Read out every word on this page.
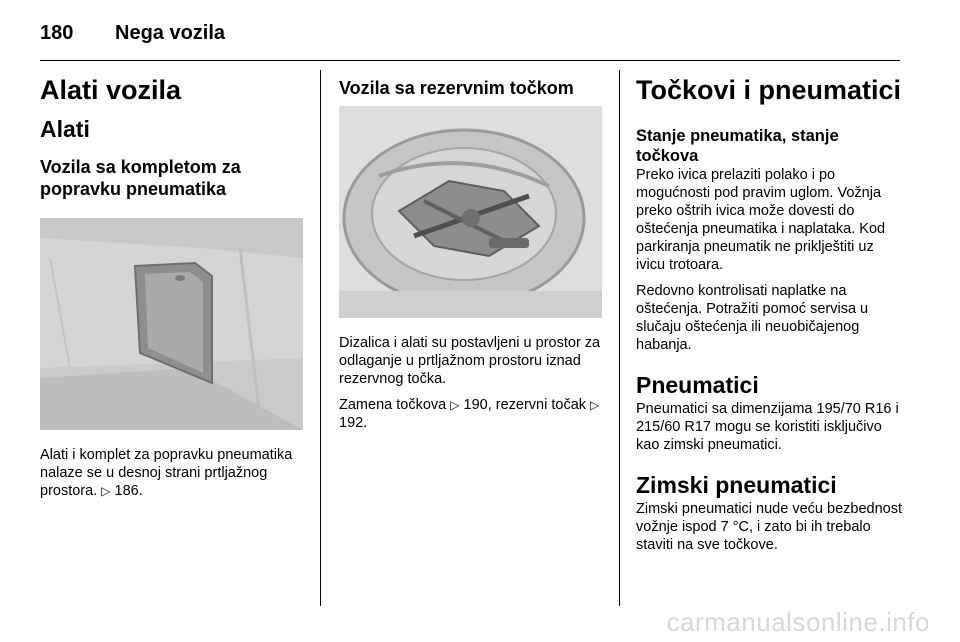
180 Nega vozila
Alati vozila
Alati
Vozila sa kompletom za popravku pneumatika

Alati i komplet za popravku pneumatika nalaze se u desnoj strani prtljažnog prostora. ▷ 186.

Vozila sa rezervnim točkom

Dizalica i alati su postavljeni u prostor za odlaganje u prtljažnom prostoru iznad rezervnog točka.

Zamena točkova ▷ 190, rezervni točak ▷ 192.

Točkovi i pneumatici
Stanje pneumatika, stanje točkova

Preko ivica prelaziti polako i po mogućnosti pod pravim uglom. Vožnja preko oštrih ivica može dovesti do oštećenja pneumatika i naplataka. Kod parkiranja pneumatik ne priklještiti uz ivicu trotoara.

Redovno kontrolisati naplatke na oštećenja. Potražiti pomoć servisa u slučaju oštećenja ili neuobičajenog habanja.

Pneumatici

Pneumatici sa dimenzijama 195/70 R16 i 215/60 R17 mogu se koristiti isključivo kao zimski pneumatici.

Zimski pneumatici

Zimski pneumatici nude veću bezbednost vožnje ispod 7 °C, i zato bi ih trebalo staviti na sve točkove.

carmanualsonline.info
